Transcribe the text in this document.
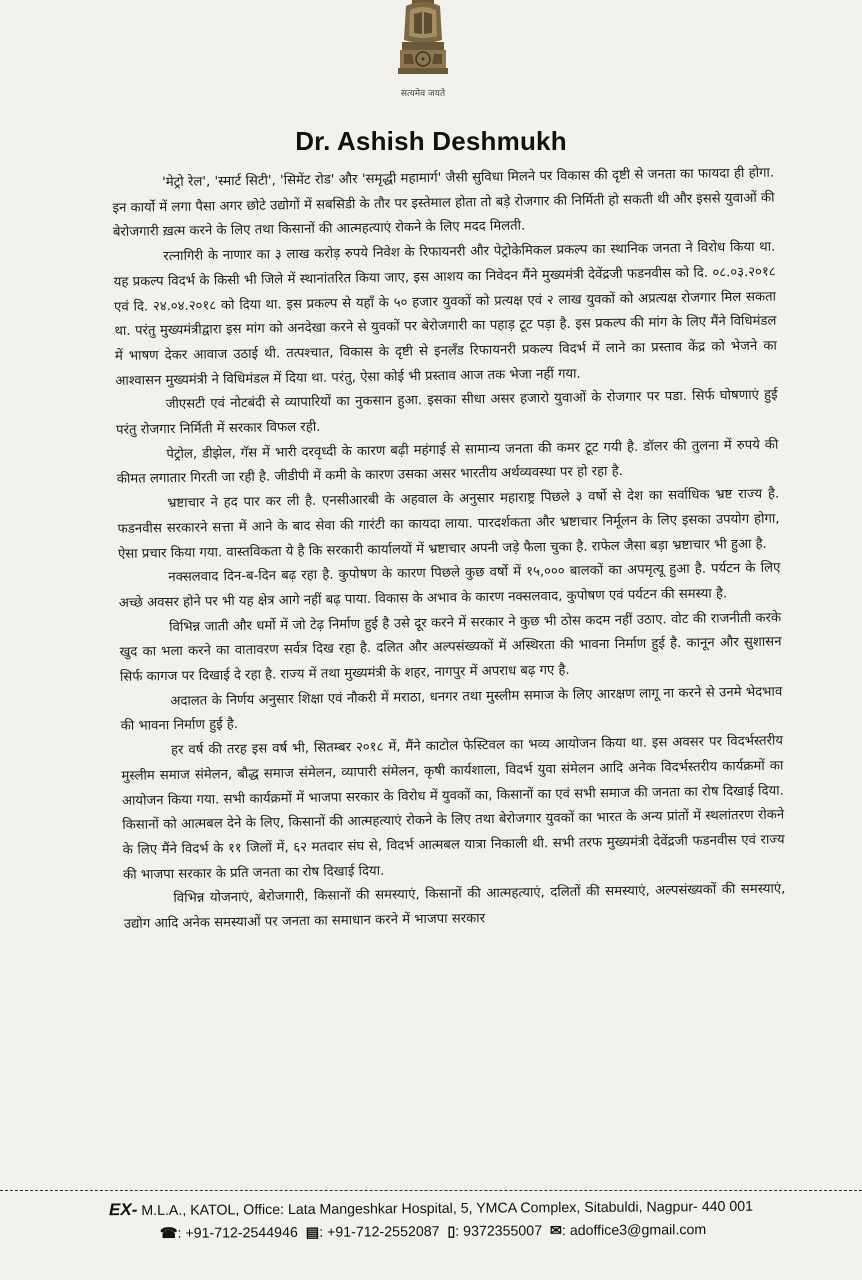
सत्यमेव जयते
Dr. Ashish Deshmukh

'मेट्रो रेल', 'स्मार्ट सिटी', 'सिमेंट रोड' और 'समृद्धी महामार्ग' जैसी सुविधा मिलने पर विकास की दृष्टी से जनता का फायदा ही होगा. इन कार्यो में लगा पैसा अगर छोटे उद्योगों में सबसिडी के तौर पर इस्तेमाल होता तो बड़े रोजगार की निर्मिती हो सकती थी और इससे युवाओं की बेरोजगारी ख़त्म करने के लिए तथा किसानों की आत्महत्याएं रोकने के लिए मदद मिलती.

रत्नागिरी के नाणार का ३ लाख करोड़ रुपये निवेश के रिफायनरी और पेट्रोकेमिकल प्रकल्प का स्थानिक जनता ने विरोध किया था. यह प्रकल्प विदर्भ के किसी भी जिले में स्थानांतरित किया जाए, इस आशय का निवेदन मैंने मुख्यमंत्री देवेंद्रजी फडनवीस को दि. ०८.०३.२०१८ एवं दि. २४.०४.२०१८ को दिया था. इस प्रकल्प से यहाँ के ५० हजार युवकों को प्रत्यक्ष एवं २ लाख युवकों को अप्रत्यक्ष रोजगार मिल सकता था. परंतु मुख्यमंत्रीद्वारा इस मांग को अनदेखा करने से युवकों पर बेरोजगारी का पहाड़ टूट पड़ा है. इस प्रकल्प की मांग के लिए मैंने विधिमंडल में भाषण देकर आवाज उठाई थी. तत्पश्चात, विकास के दृष्टी से इनलँड रिफायनरी प्रकल्प विदर्भ में लाने का प्रस्ताव केंद्र को भेजने का आश्वासन मुख्यमंत्री ने विधिमंडल में दिया था. परंतु, ऐसा कोई भी प्रस्ताव आज तक भेजा नहीं गया.

जीएसटी एवं नोटबंदी से व्यापारियों का नुकसान हुआ. इसका सीधा असर हजारो युवाओं के रोजगार पर पडा. सिर्फ घोषणाएं हुई परंतु रोजगार निर्मिती में सरकार विफल रही.

पेट्रोल, डीझेल, गॅस में भारी दरवृध्दी के कारण बढ़ी महंगाई से सामान्य जनता की कमर टूट गयी है. डॉलर की तुलना में रुपये की कीमत लगातार गिरती जा रही है. जीडीपी में कमी के कारण उसका असर भारतीय अर्थव्यवस्था पर हो रहा है.

भ्रष्टाचार ने हद पार कर ली है. एनसीआरबी के अहवाल के अनुसार महाराष्ट्र पिछले ३ वर्षो से देश का सर्वाधिक भ्रष्ट राज्य है. फडनवीस सरकारने सत्ता में आने के बाद सेवा की गारंटी का कायदा लाया. पारदर्शकता और भ्रष्टाचार निर्मूलन के लिए इसका उपयोग होगा, ऐसा प्रचार किया गया. वास्तविकता ये है कि सरकारी कार्यालयों में भ्रष्टाचार अपनी जड़े फैला चुका है. राफेल जैसा बड़ा भ्रष्टाचार भी हुआ है.

नक्सलवाद दिन-ब-दिन बढ़ रहा है. कुपोषण के कारण पिछले कुछ वर्षो में १५,००० बालकों का अपमृत्यू हुआ है. पर्यटन के लिए अच्छे अवसर होने पर भी यह क्षेत्र आगे नहीं बढ़ पाया. विकास के अभाव के कारण नक्सलवाद, कुपोषण एवं पर्यटन की समस्या है.

विभिन्न जाती और धर्मो में जो टेढ़ निर्माण हुई है उसे दूर करने में सरकार ने कुछ भी ठोस कदम नहीं उठाए. वोट की राजनीती करके खुद का भला करने का वातावरण सर्वत्र दिख रहा है. दलित और अल्पसंख्यकों में अस्थिरता की भावना निर्माण हुई है. कानून और सुशासन सिर्फ कागज पर दिखाई दे रहा है. राज्य में तथा मुख्यमंत्री के शहर, नागपुर में अपराध बढ़ गए है.

अदालत के निर्णय अनुसार शिक्षा एवं नौकरी में मराठा, धनगर तथा मुस्लीम समाज के लिए आरक्षण लागू ना करने से उनमे भेदभाव की भावना निर्माण हुई है.

हर वर्ष की तरह इस वर्ष भी, सितम्बर २०१८ में, मैंने काटोल फेस्टिवल का भव्य आयोजन किया था. इस अवसर पर विदर्भस्तरीय मुस्लीम समाज संमेलन, बौद्ध समाज संमेलन, व्यापारी संमेलन, कृषी कार्यशाला, विदर्भ युवा संमेलन आदि अनेक विदर्भस्तरीय कार्यक्रमों का आयोजन किया गया. सभी कार्यक्रमों में भाजपा सरकार के विरोध में युवकों का, किसानों का एवं सभी समाज की जनता का रोष दिखाई दिया. किसानों को आत्मबल देने के लिए, किसानों की आत्महत्याएं रोकने के लिए तथा बेरोजगार युवकों का भारत के अन्य प्रांतों में स्थलांतरण रोकने के लिए मैंने विदर्भ के ११ जिलों में, ६२ मतदार संघ से, विदर्भ आत्मबल यात्रा निकाली थी. सभी तरफ मुख्यमंत्री देवेंद्रजी फडनवीस एवं राज्य की भाजपा सरकार के प्रति जनता का रोष दिखाई दिया.

विभिन्न योजनाएं, बेरोजगारी, किसानों की समस्याएं, किसानों की आत्महत्याएं, दलितों की समस्याएं, अल्पसंख्यकों की समस्याएं, उद्योग आदि अनेक समस्याओं पर जनता का समाधान करने में भाजपा सरकार

EX- M.L.A., KATOL, Office: Lata Mangeshkar Hospital, 5, YMCA Complex, Sitabuldi, Nagpur- 440 001
☎: +91-712-2544946 ▤: +91-712-2552087 ▯: 9372355007 ✉: adoffice3@gmail.com
